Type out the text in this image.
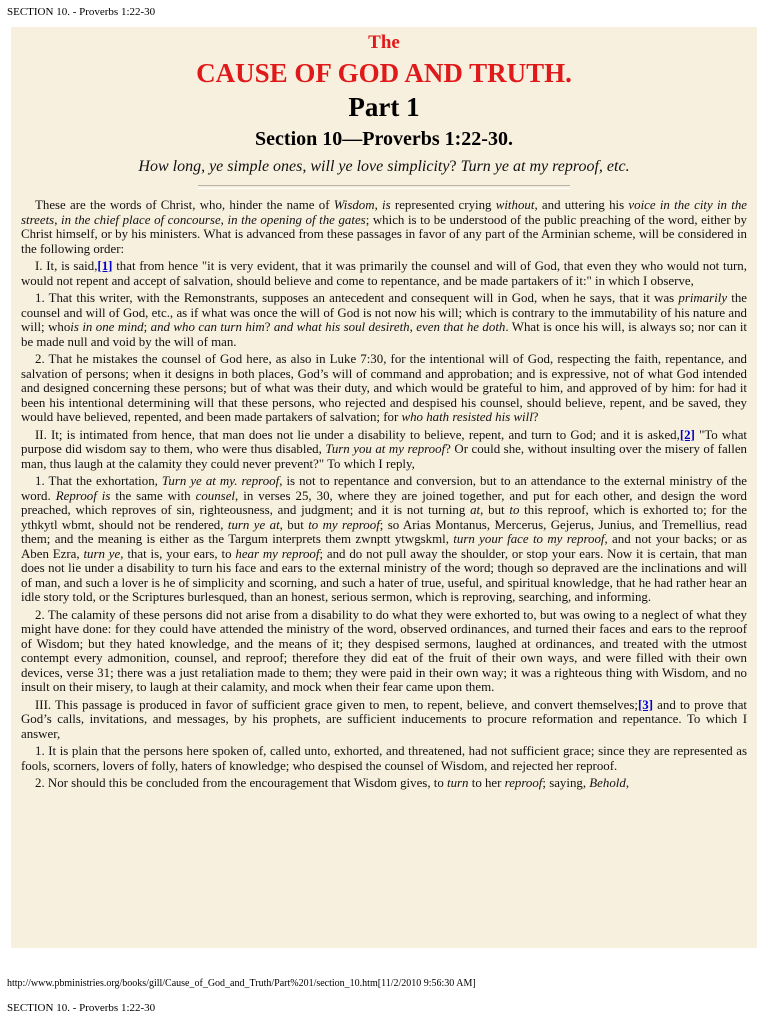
SECTION 10. - Proverbs 1:22-30
The
CAUSE OF GOD AND TRUTH.
Part 1
Section 10—Proverbs 1:22-30.
How long, ye simple ones, will ye love simplicity? Turn ye at my reproof, etc.

These are the words of Christ, who, hinder the name of Wisdom, is represented crying without, and uttering his voice in the city in the streets, in the chief place of concourse, in the opening of the gates; which is to be understood of the public preaching of the word, either by Christ himself, or by his ministers. What is advanced from these passages in favor of any part of the Arminian scheme, will be considered in the following order:

I. It, is said,[1] that from hence "it is very evident, that it was primarily the counsel and will of God, that even they who would not turn, would not repent and accept of salvation, should believe and come to repentance, and be made partakers of it:" in which I observe,

1. That this writer, with the Remonstrants, supposes an antecedent and consequent will in God, when he says, that it was primarily the counsel and will of God, etc., as if what was once the will of God is not now his will; which is contrary to the immutability of his nature and will; whois in one mind; and who can turn him? and what his soul desireth, even that he doth. What is once his will, is always so; nor can it be made null and void by the will of man.

2. That he mistakes the counsel of God here, as also in Luke 7:30, for the intentional will of God, respecting the faith, repentance, and salvation of persons; when it designs in both places, God’s will of command and approbation; and is expressive, not of what God intended and designed concerning these persons; but of what was their duty, and which would be grateful to him, and approved of by him: for had it been his intentional determining will that these persons, who rejected and despised his counsel, should believe, repent, and be saved, they would have believed, repented, and been made partakers of salvation; for who hath resisted his will?

II. It; is intimated from hence, that man does not lie under a disability to believe, repent, and turn to God; and it is asked,[2] "To what purpose did wisdom say to them, who were thus disabled, Turn you at my reproof? Or could she, without insulting over the misery of fallen man, thus laugh at the calamity they could never prevent?" To which I reply,

1. That the exhortation, Turn ye at my. reproof, is not to repentance and conversion, but to an attendance to the external ministry of the word. Reproof is the same with counsel, in verses 25, 30, where they are joined together, and put for each other, and design the word preached, which reproves of sin, righteousness, and judgment; and it is not turning at, but to this reproof, which is exhorted to; for the ythkytl wbmt, should not be rendered, turn ye at, but to my reproof; so Arias Montanus, Mercerus, Gejerus, Junius, and Tremellius, read them; and the meaning is either as the Targum interprets them zwnptt ytwgskml, turn your face to my reproof, and not your backs; or as Aben Ezra, turn ye, that is, your ears, to hear my reproof; and do not pull away the shoulder, or stop your ears. Now it is certain, that man does not lie under a disability to turn his face and ears to the external ministry of the word; though so depraved are the inclinations and will of man, and such a lover is he of simplicity and scorning, and such a hater of true, useful, and spiritual knowledge, that he had rather hear an idle story told, or the Scriptures burlesqued, than an honest, serious sermon, which is reproving, searching, and informing.

2. The calamity of these persons did not arise from a disability to do what they were exhorted to, but was owing to a neglect of what they might have done: for they could have attended the ministry of the word, observed ordinances, and turned their faces and ears to the reproof of Wisdom; but they hated knowledge, and the means of it; they despised sermons, laughed at ordinances, and treated with the utmost contempt every admonition, counsel, and reproof; therefore they did eat of the fruit of their own ways, and were filled with their own devices, verse 31; there was a just retaliation made to them; they were paid in their own way; it was a righteous thing with Wisdom, and no insult on their misery, to laugh at their calamity, and mock when their fear came upon them.

III. This passage is produced in favor of sufficient grace given to men, to repent, believe, and convert themselves;[3] and to prove that God’s calls, invitations, and messages, by his prophets, are sufficient inducements to procure reformation and repentance. To which I answer,

1. It is plain that the persons here spoken of, called unto, exhorted, and threatened, had not sufficient grace; since they are represented as fools, scorners, lovers of folly, haters of knowledge; who despised the counsel of Wisdom, and rejected her reproof.

2. Nor should this be concluded from the encouragement that Wisdom gives, to turn to her reproof; saying, Behold,

http://www.pbministries.org/books/gill/Cause_of_God_and_Truth/Part%201/section_10.htm[11/2/2010 9:56:30 AM]
SECTION 10. - Proverbs 1:22-30
